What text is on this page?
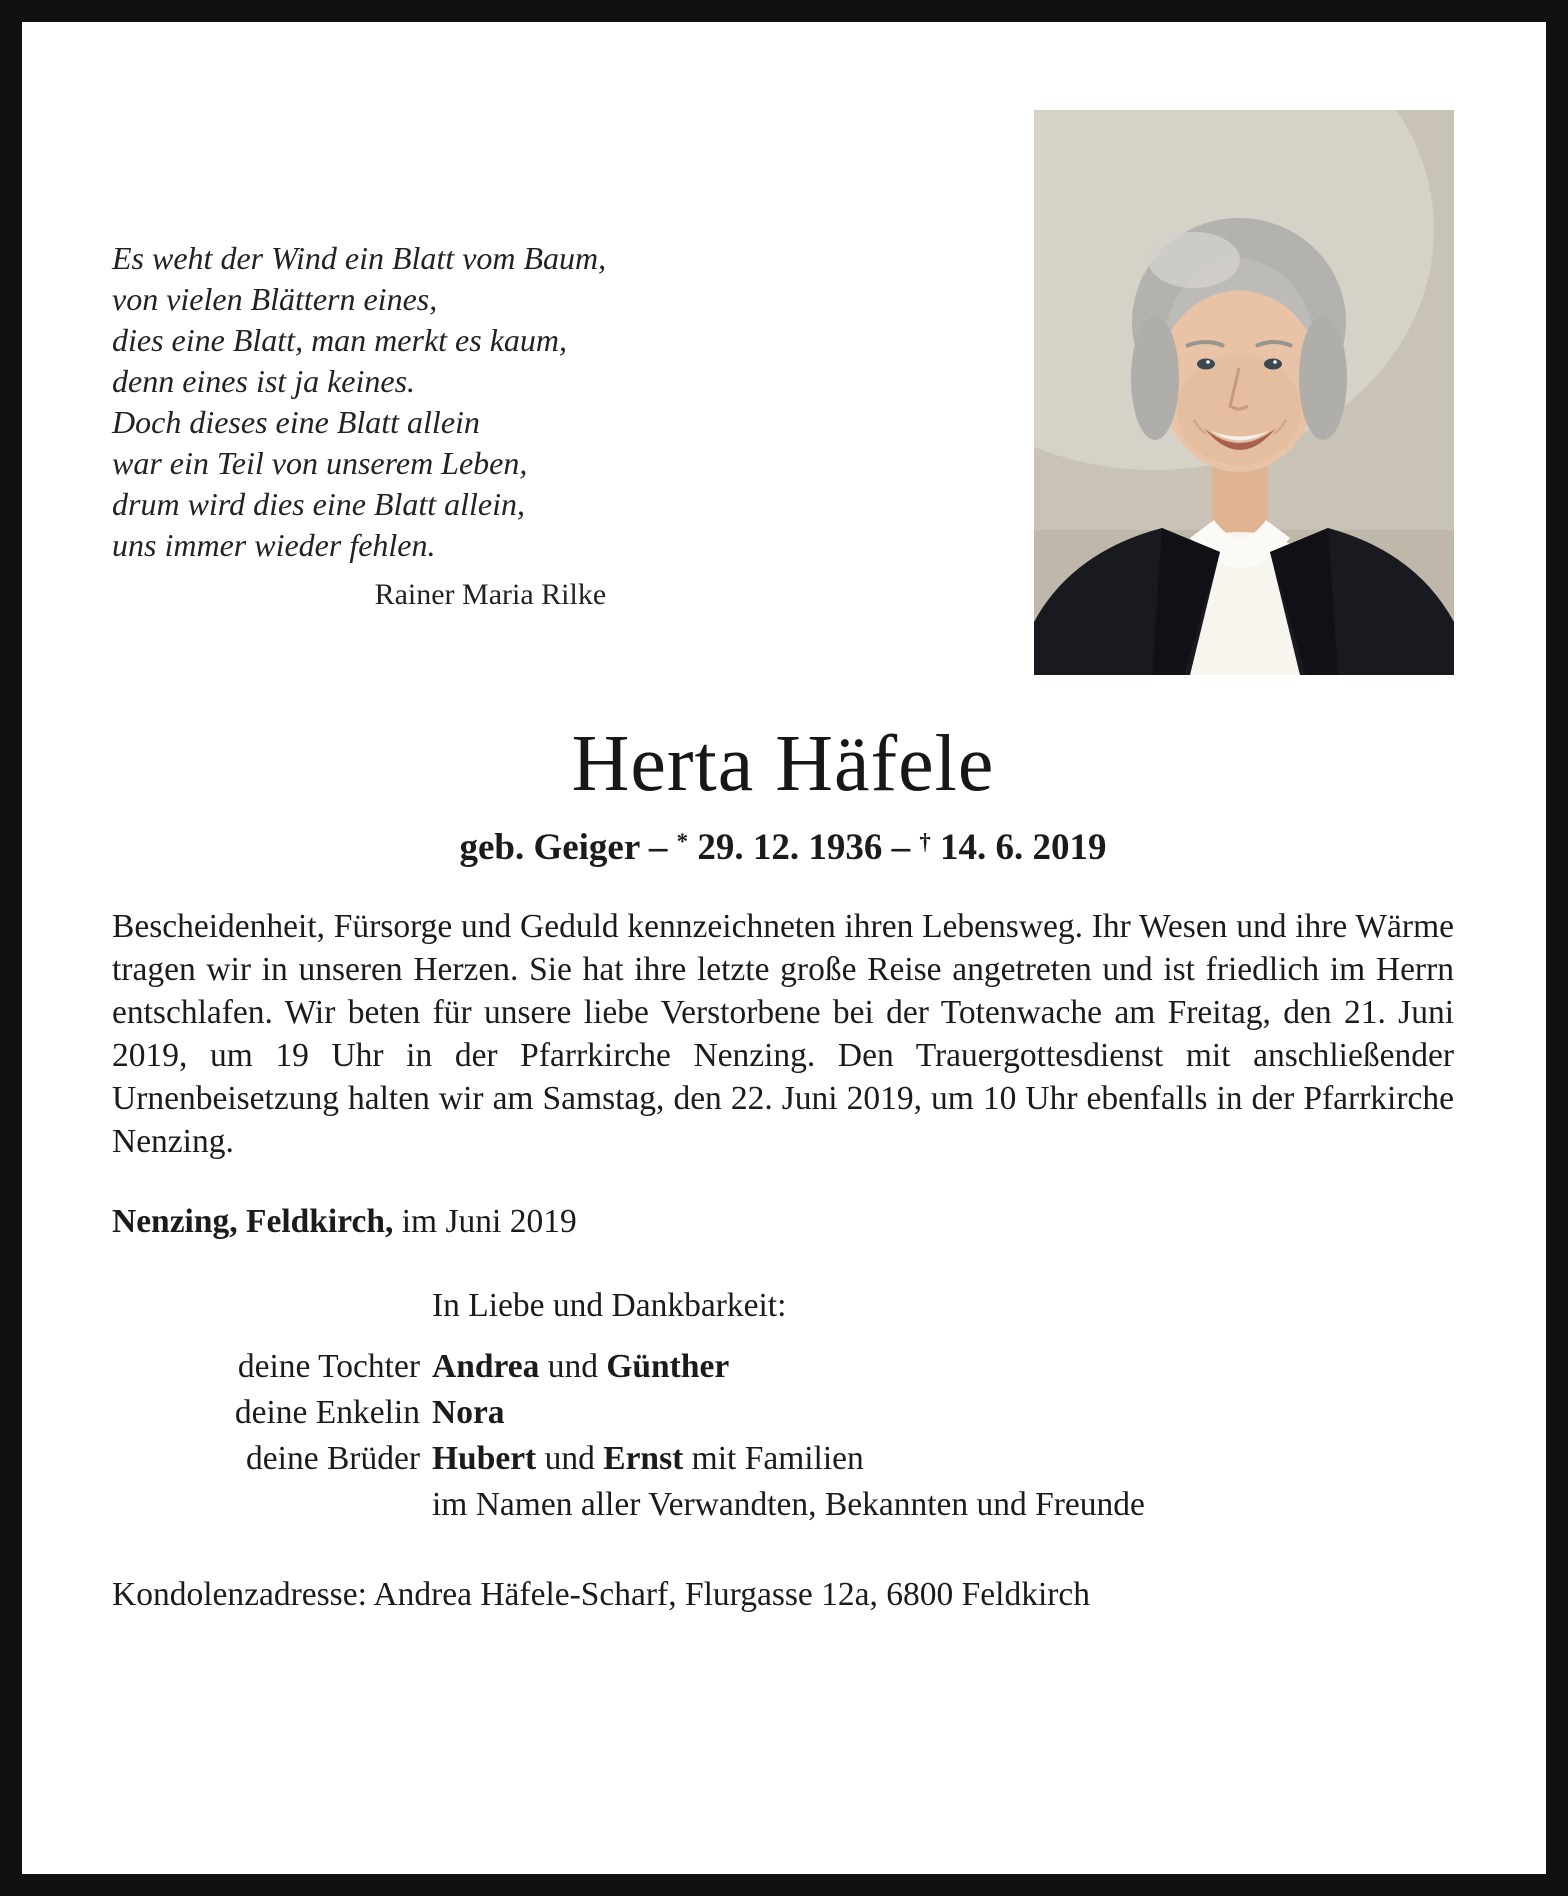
Es weht der Wind ein Blatt vom Baum,
von vielen Blättern eines,
dies eine Blatt, man merkt es kaum,
denn eines ist ja keines.
Doch dieses eine Blatt allein
war ein Teil von unserem Leben,
drum wird dies eine Blatt allein,
uns immer wieder fehlen.
Rainer Maria Rilke
Herta Häfele
geb. Geiger – * 29. 12. 1936 – † 14. 6. 2019

Bescheidenheit, Fürsorge und Geduld kennzeichneten ihren Lebensweg. Ihr Wesen und ihre Wärme tragen wir in unseren Herzen. Sie hat ihre letzte große Reise angetreten und ist friedlich im Herrn entschlafen. Wir beten für unsere liebe Verstorbene bei der Totenwache am Freitag, den 21. Juni 2019, um 19 Uhr in der Pfarrkirche Nenzing. Den Trauergottesdienst mit anschließender Urnenbeisetzung halten wir am Samstag, den 22. Juni 2019, um 10 Uhr ebenfalls in der Pfarrkirche Nenzing.

Nenzing, Feldkirch, im Juni 2019

In Liebe und Dankbarkeit:
deine Tochter Andrea und Günther
deine Enkelin Nora
deine Brüder Hubert und Ernst mit Familien
im Namen aller Verwandten, Bekannten und Freunde

Kondolenzadresse: Andrea Häfele-Scharf, Flurgasse 12a, 6800 Feldkirch
